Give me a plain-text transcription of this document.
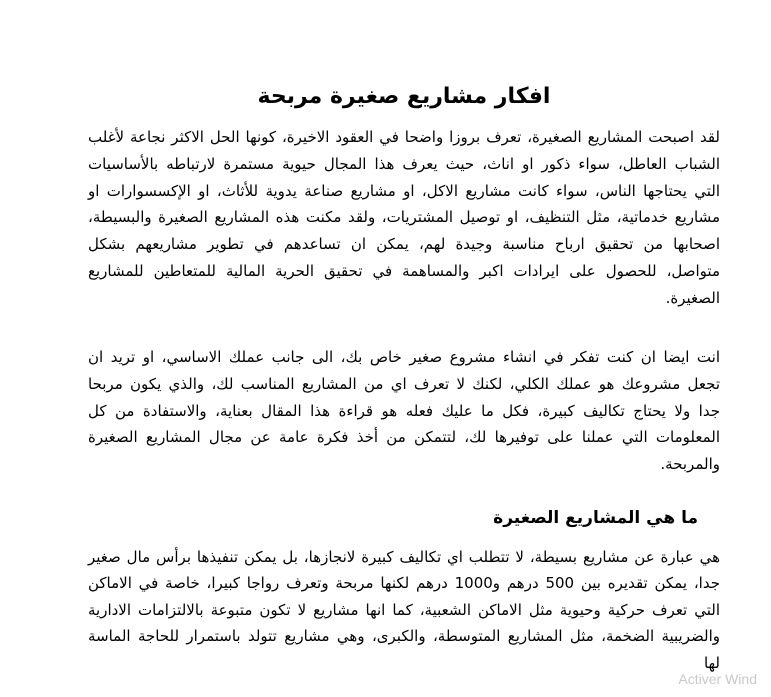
افكار مشاريع صغيرة مربحة

لقد اصبحت المشاريع الصغيرة، تعرف بروزا واضحا في العقود الاخيرة، كونها الحل الاكثر نجاعة لأغلب الشباب العاطل، سواء ذكور او اناث، حيث يعرف هذا المجال حيوية مستمرة لارتباطه بالأساسيات التي يحتاجها الناس، سواء كانت مشاريع الاكل، او مشاريع صناعة يدوية للأثاث، او الإكسسوارات او مشاريع خدماتية، مثل التنظيف، او توصيل المشتريات، ولقد مكنت هذه المشاريع الصغيرة والبسيطة، اصحابها من تحقيق ارباح مناسبة وجيدة لهم، يمكن ان تساعدهم في تطوير مشاريعهم بشكل متواصل، للحصول على ايرادات اكبر والمساهمة في تحقيق الحرية المالية للمتعاطين للمشاريع الصغيرة.

انت ايضا ان كنت تفكر في انشاء مشروع صغير خاص بك، الى جانب عملك الاساسي، او تريد ان تجعل مشروعك هو عملك الكلي، لكنك لا تعرف اي من المشاريع المناسب لك، والذي يكون مربحا جدا ولا يحتاج تكاليف كبيرة، فكل ما عليك فعله هو قراءة هذا المقال بعناية، والاستفادة من كل المعلومات التي عملنا على توفيرها لك، لتتمكن من أخذ فكرة عامة عن مجال المشاريع الصغيرة والمربحة.

ما هي المشاريع الصغيرة

هي عبارة عن مشاريع بسيطة، لا تتطلب اي تكاليف كبيرة لانجازها، بل يمكن تنفيذها برأس مال صغير جدا، يمكن تقديره بين 500 درهم و1000 درهم لكنها مربحة وتعرف رواجا كبيرا، خاصة في الاماكن التي تعرف حركية وحيوية مثل الاماكن الشعبية، كما انها مشاريع لا تكون متبوعة بالالتزامات الادارية والضريبية الضخمة، مثل المشاريع المتوسطة، والكبرى، وهي مشاريع تتولد باستمرار للحاجة الماسة لها

Activer Wind
